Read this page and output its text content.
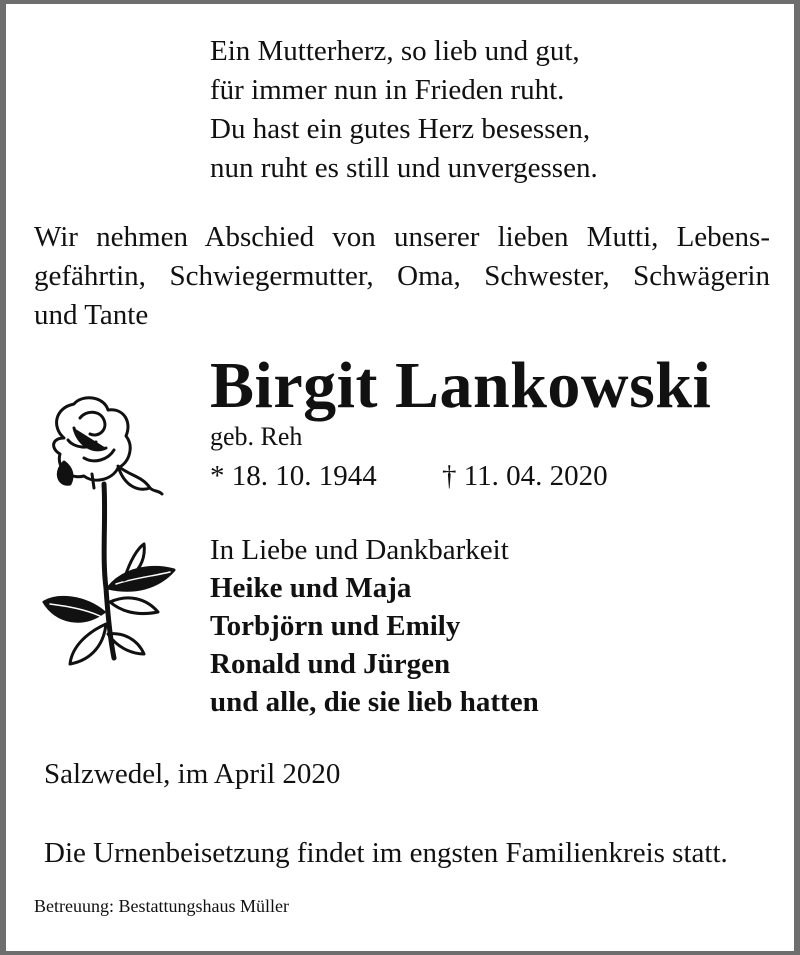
Ein Mutterherz, so lieb und gut,
für immer nun in Frieden ruht.
Du hast ein gutes Herz besessen,
nun ruht es still und unvergessen.
Wir nehmen Abschied von unserer lieben Mutti, Lebens-
gefährtin, Schwiegermutter, Oma, Schwester, Schwägerin
und Tante
Birgit Lankowski
geb. Reh
* 18. 10. 1944 † 11. 04. 2020
In Liebe und Dankbarkeit
Heike und Maja
Torbjörn und Emily
Ronald und Jürgen
und alle, die sie lieb hatten
Salzwedel, im April 2020
Die Urnenbeisetzung findet im engsten Familienkreis statt.
Betreuung: Bestattungshaus Müller
